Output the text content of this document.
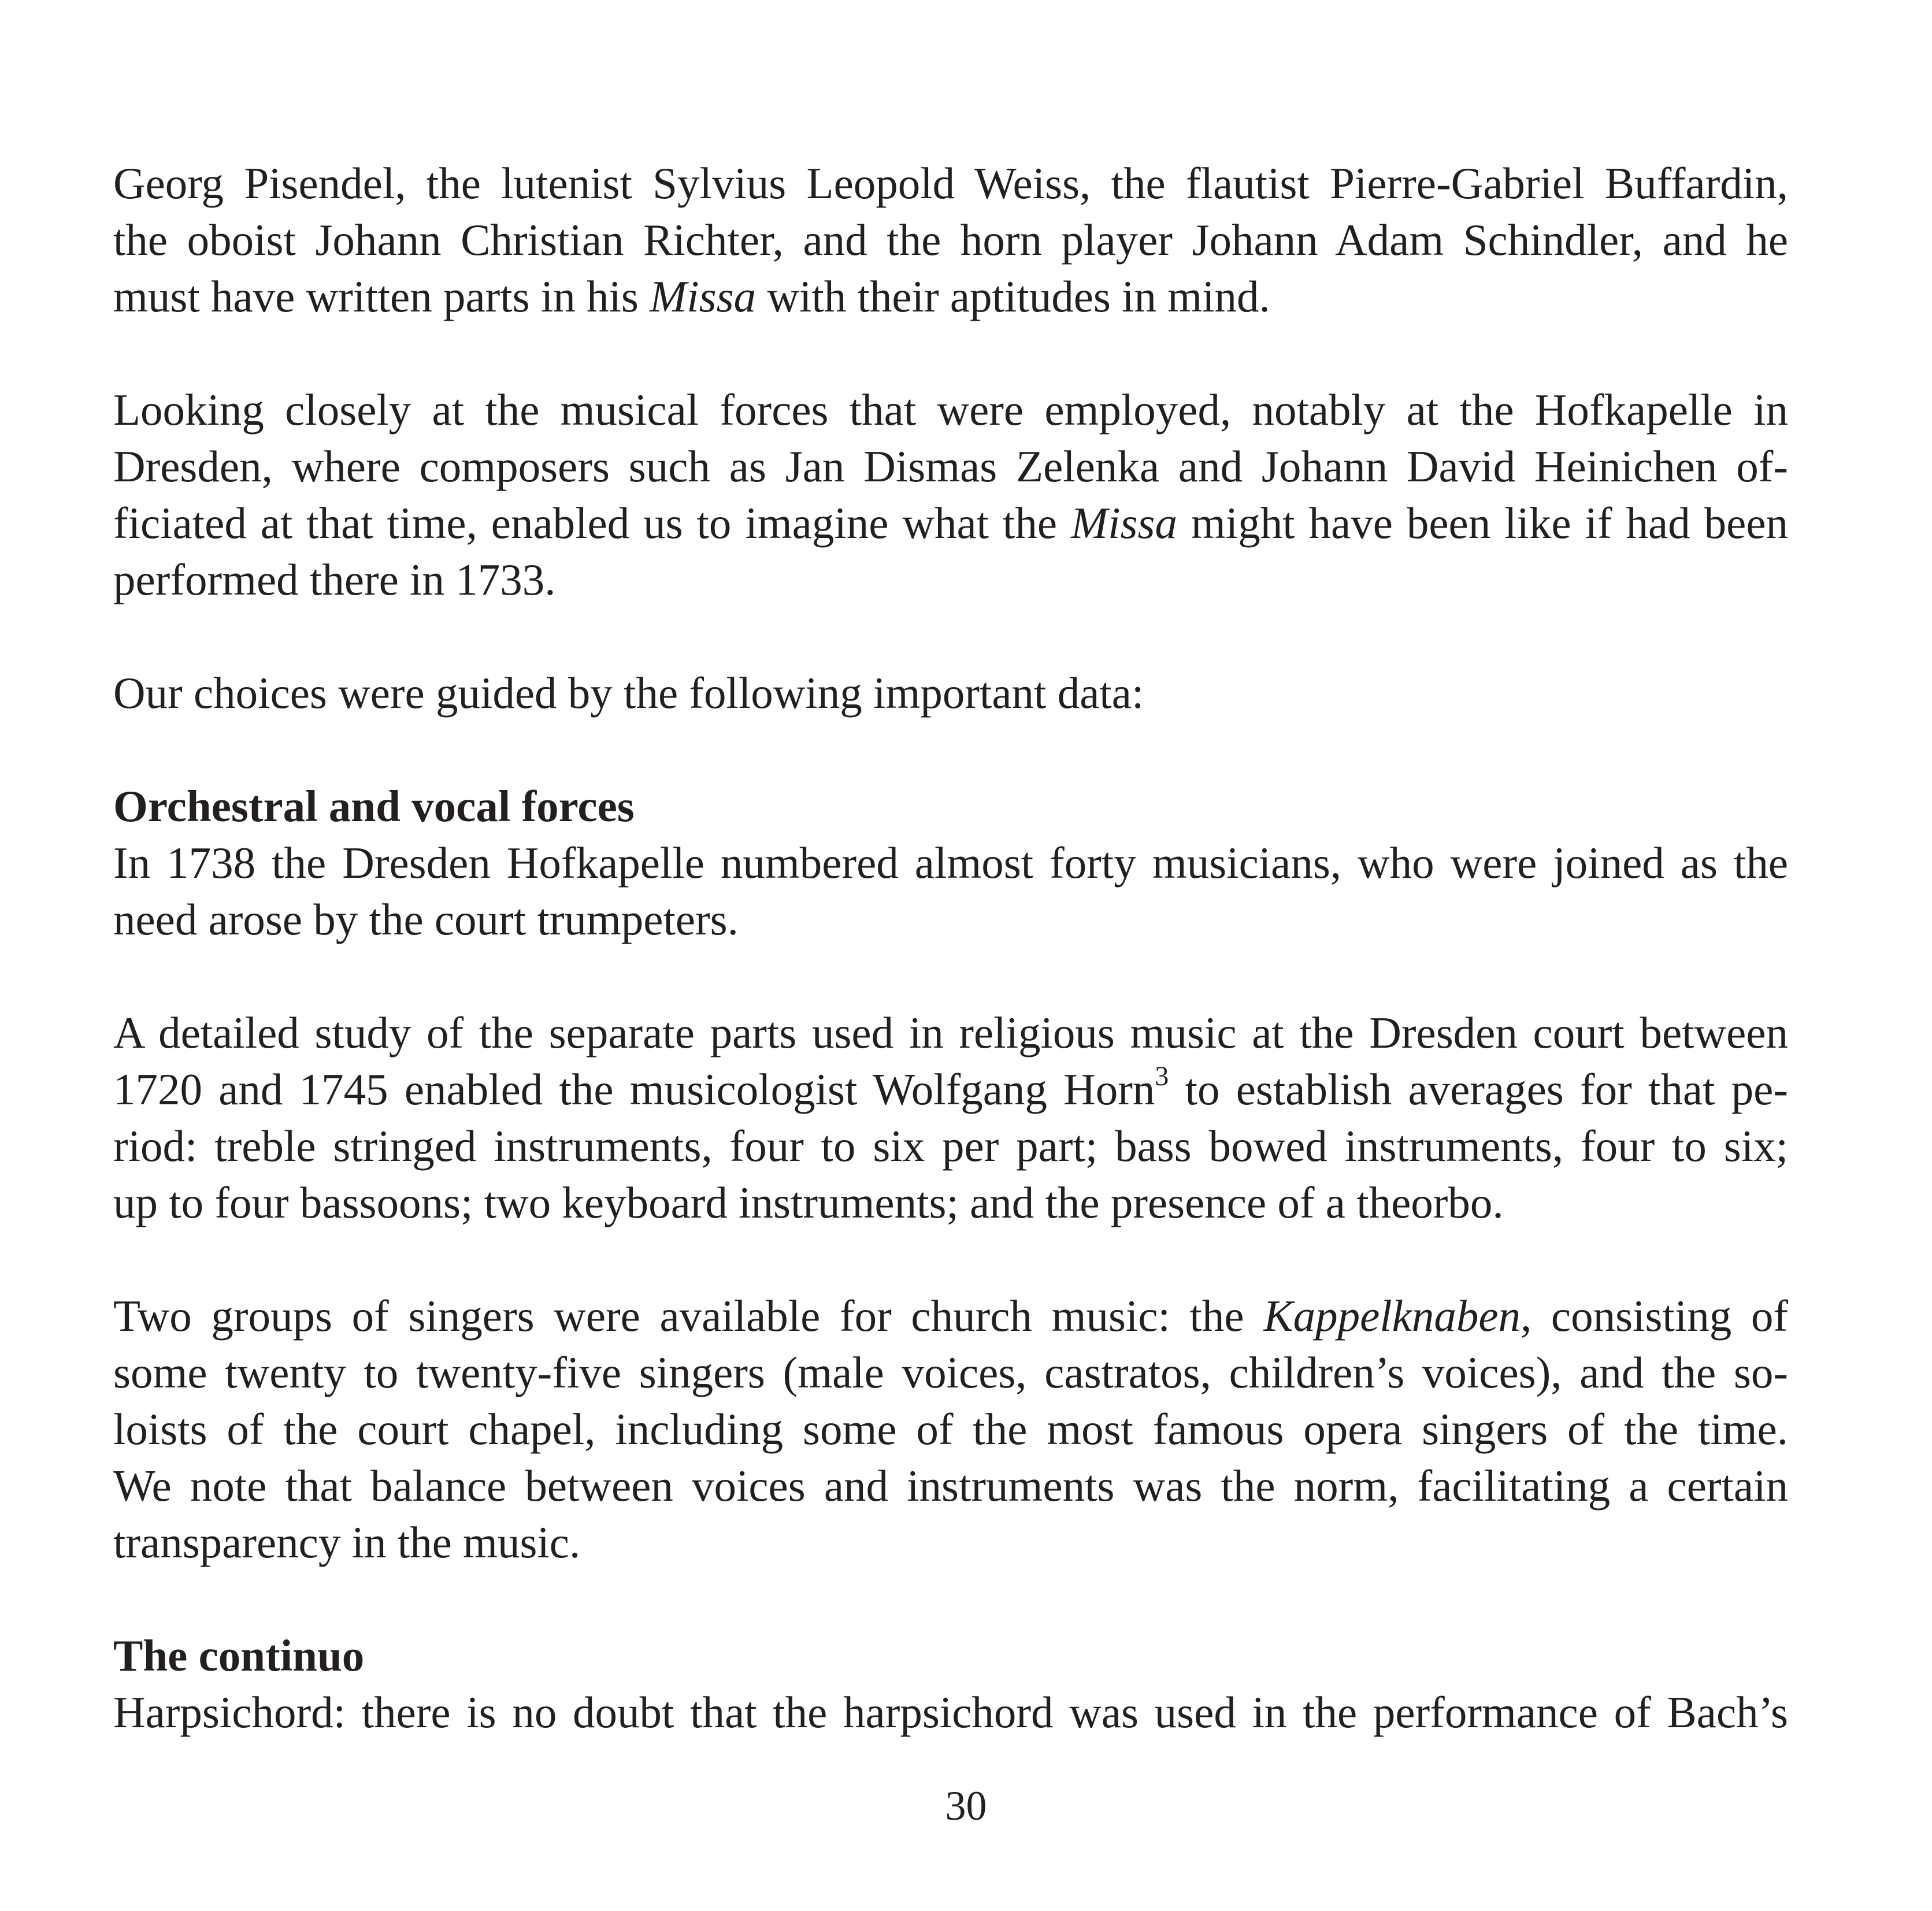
Georg Pisendel, the lutenist Sylvius Leopold Weiss, the flautist Pierre-Gabriel Buffardin,
the oboist Johann Christian Richter, and the horn player Johann Adam Schindler, and he
must have written parts in his Missa with their aptitudes in mind.

Looking closely at the musical forces that were employed, notably at the Hofkapelle in
Dresden, where composers such as Jan Dismas Zelenka and Johann David Heinichen of-
ficiated at that time, enabled us to imagine what the Missa might have been like if had been
performed there in 1733.

Our choices were guided by the following important data:

Orchestral and vocal forces
In 1738 the Dresden Hofkapelle numbered almost forty musicians, who were joined as the
need arose by the court trumpeters.

A detailed study of the separate parts used in religious music at the Dresden court between
1720 and 1745 enabled the musicologist Wolfgang Horn$^3$ to establish averages for that pe-
riod: treble stringed instruments, four to six per part; bass bowed instruments, four to six;
up to four bassoons; two keyboard instruments; and the presence of a theorbo.

Two groups of singers were available for church music: the Kappelknaben, consisting of
some twenty to twenty-five singers (male voices, castratos, children’s voices), and the so-
loists of the court chapel, including some of the most famous opera singers of the time.
We note that balance between voices and instruments was the norm, facilitating a certain
transparency in the music.

The continuo
Harpsichord: there is no doubt that the harpsichord was used in the performance of Bach’s
30
